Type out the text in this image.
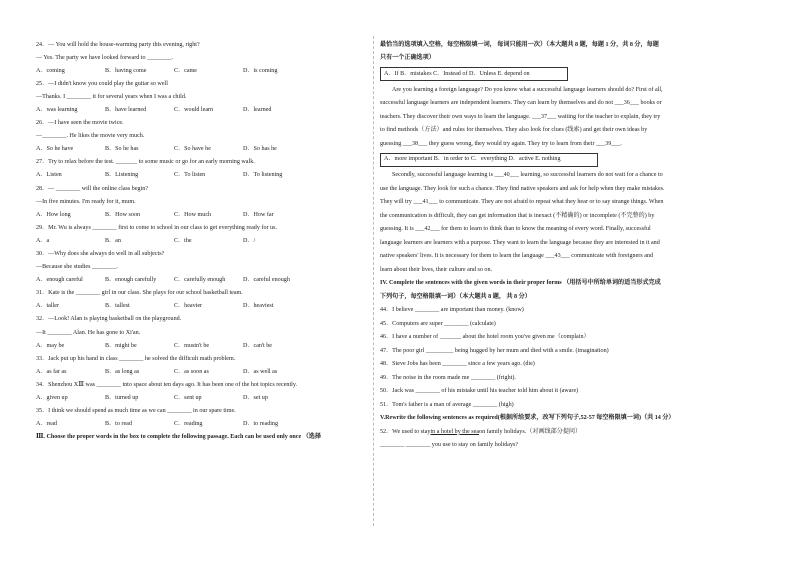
24．— You will hold the house-warming party this evening, right?
— Yes. The party we have looked forward to ________.
A．coming	B．having come	C．came	D．is coming
25．—I didn't know you could play the guitar so well
—Thanks. I ________ it for several years when I was a child.
A．was learning	B．have learned	C．would learn	D．learned
26．—I have seen the movie twice.
—________. He likes the movie very much.
A．So he have	B．So he has	C．So have he	D．So has he
27．Try to relax before the test. _______ to some music or go for an early morning walk.
A．Listen	B．Listening	C．To listen	D．To listening
28．— ________ will the online class begin?
—In five minutes. I'm ready for it, mum.
A．How long	B．How soon	C．How much	D．How far
29．Mr. Wu is always ________ first to come to school in our class to get everything ready for us.
A．a	B．an	C．the	D．/
30．—Why does she always do well in all subjects?
—Because she studies ________.
A．enough careful	B．enough carefully	C．carefully enough	D．careful enough
31．Kate is the ________ girl in our class. She plays for our school basketball team.
A．taller	B．tallest	C．heavier	D．heaviest
32．—Look! Alan is playing basketball on the playground.
—It ________ Alan. He has gone to Xi'an.
A．may be	B．might be	C．mustn't be	D．can't be
33．Jack put up his hand in class ________ he solved the difficult math problem.
A．as far as	B．as long as	C．as soon as	D．as well as
34．Shenzhou XⅢ was ________ into space about ten days ago. It has been one of the hot topics recently.
A．given up	B．turned up	C．sent up	D．set up
35．I think we should spend as much time as we can ________ in our spare time.
A．read	B．to read	C．reading	D．to reading
Ⅲ. Choose the proper words in the box to complete the following passage. Each can be used only once （选择
最恰当的选项填入空格，每空格限填一词， 每词只能用一次）（本大题共 8 题，每题 1 分，共 8 分，每题
只有一个正确选项）
A．If B．mistakes C．Instead of D．Unless E. depend on
Are you learning a foreign language? Do you know what a successful language learners should do? First of all,
successful language learners are independent learners. They can learn by themselves and do not ___36___ books or
teachers. They discover their own ways to learn the language. ___37___ waiting for the teacher to explain, they try
to find methods（方法）and rules for themselves. They also look for clues (线索) and get their own ideas by
guessing ___38___ they guess wrong, they would try again. They try to learn from their ___39___.
A．more important B．in order to C．everything D．active E. nothing
Secondly, successful language learning is ___40___ learning, so successful learners do not wait for a chance to
use the language. They look for such a chance. They find native speakers and ask for help when they make mistakes.
They will try ___41___ to communicate. They are not afraid to repeat what they hear or to say strange things. When
the communication is difficult, they can get information that is inexact (不精确的) or incomplete (不完整的) by
guessing. It is ___42___ for them to learn to think than to know the meaning of every word. Finally, successful
language learners are learners with a purpose. They want to learn the language because they are interested in it and
native speakers' lives. It is necessary for them to learn the language ___43___ communicate with foreigners and
learn about their lives, their culture and so on.
IV. Complete the sentences with the given words in their proper forms （用括号中所给单词的适当形式完成
下列句子，每空格限填一词）（本大题共 8 题， 共 8 分）
44．I believe ________ are important than money. (know)
45．Computers are super ________ (calculate)
46．I have a number of _______ about the hotel room you've given me（complain）
47．The poor girl _________ being hugged by her mum and died with a smile. (imagination)
48．Steve Jobs has been ________ since a few years ago. (die)
49．The noise in the room made me ________ (fright).
50．Jack was ________ of his mistake until his teacher told him about it (aware)
51．Tom's father is a man of average ________ (high)
V.Rewrite the following sentences as required(根据所给要求，改写下列句子,52-57 每空格限填一词)（共 14 分）
52．We used to stay in a hotel by the sea on family holidays.（对画线部分提问）
________ ________ you use to stay on family holidays?
